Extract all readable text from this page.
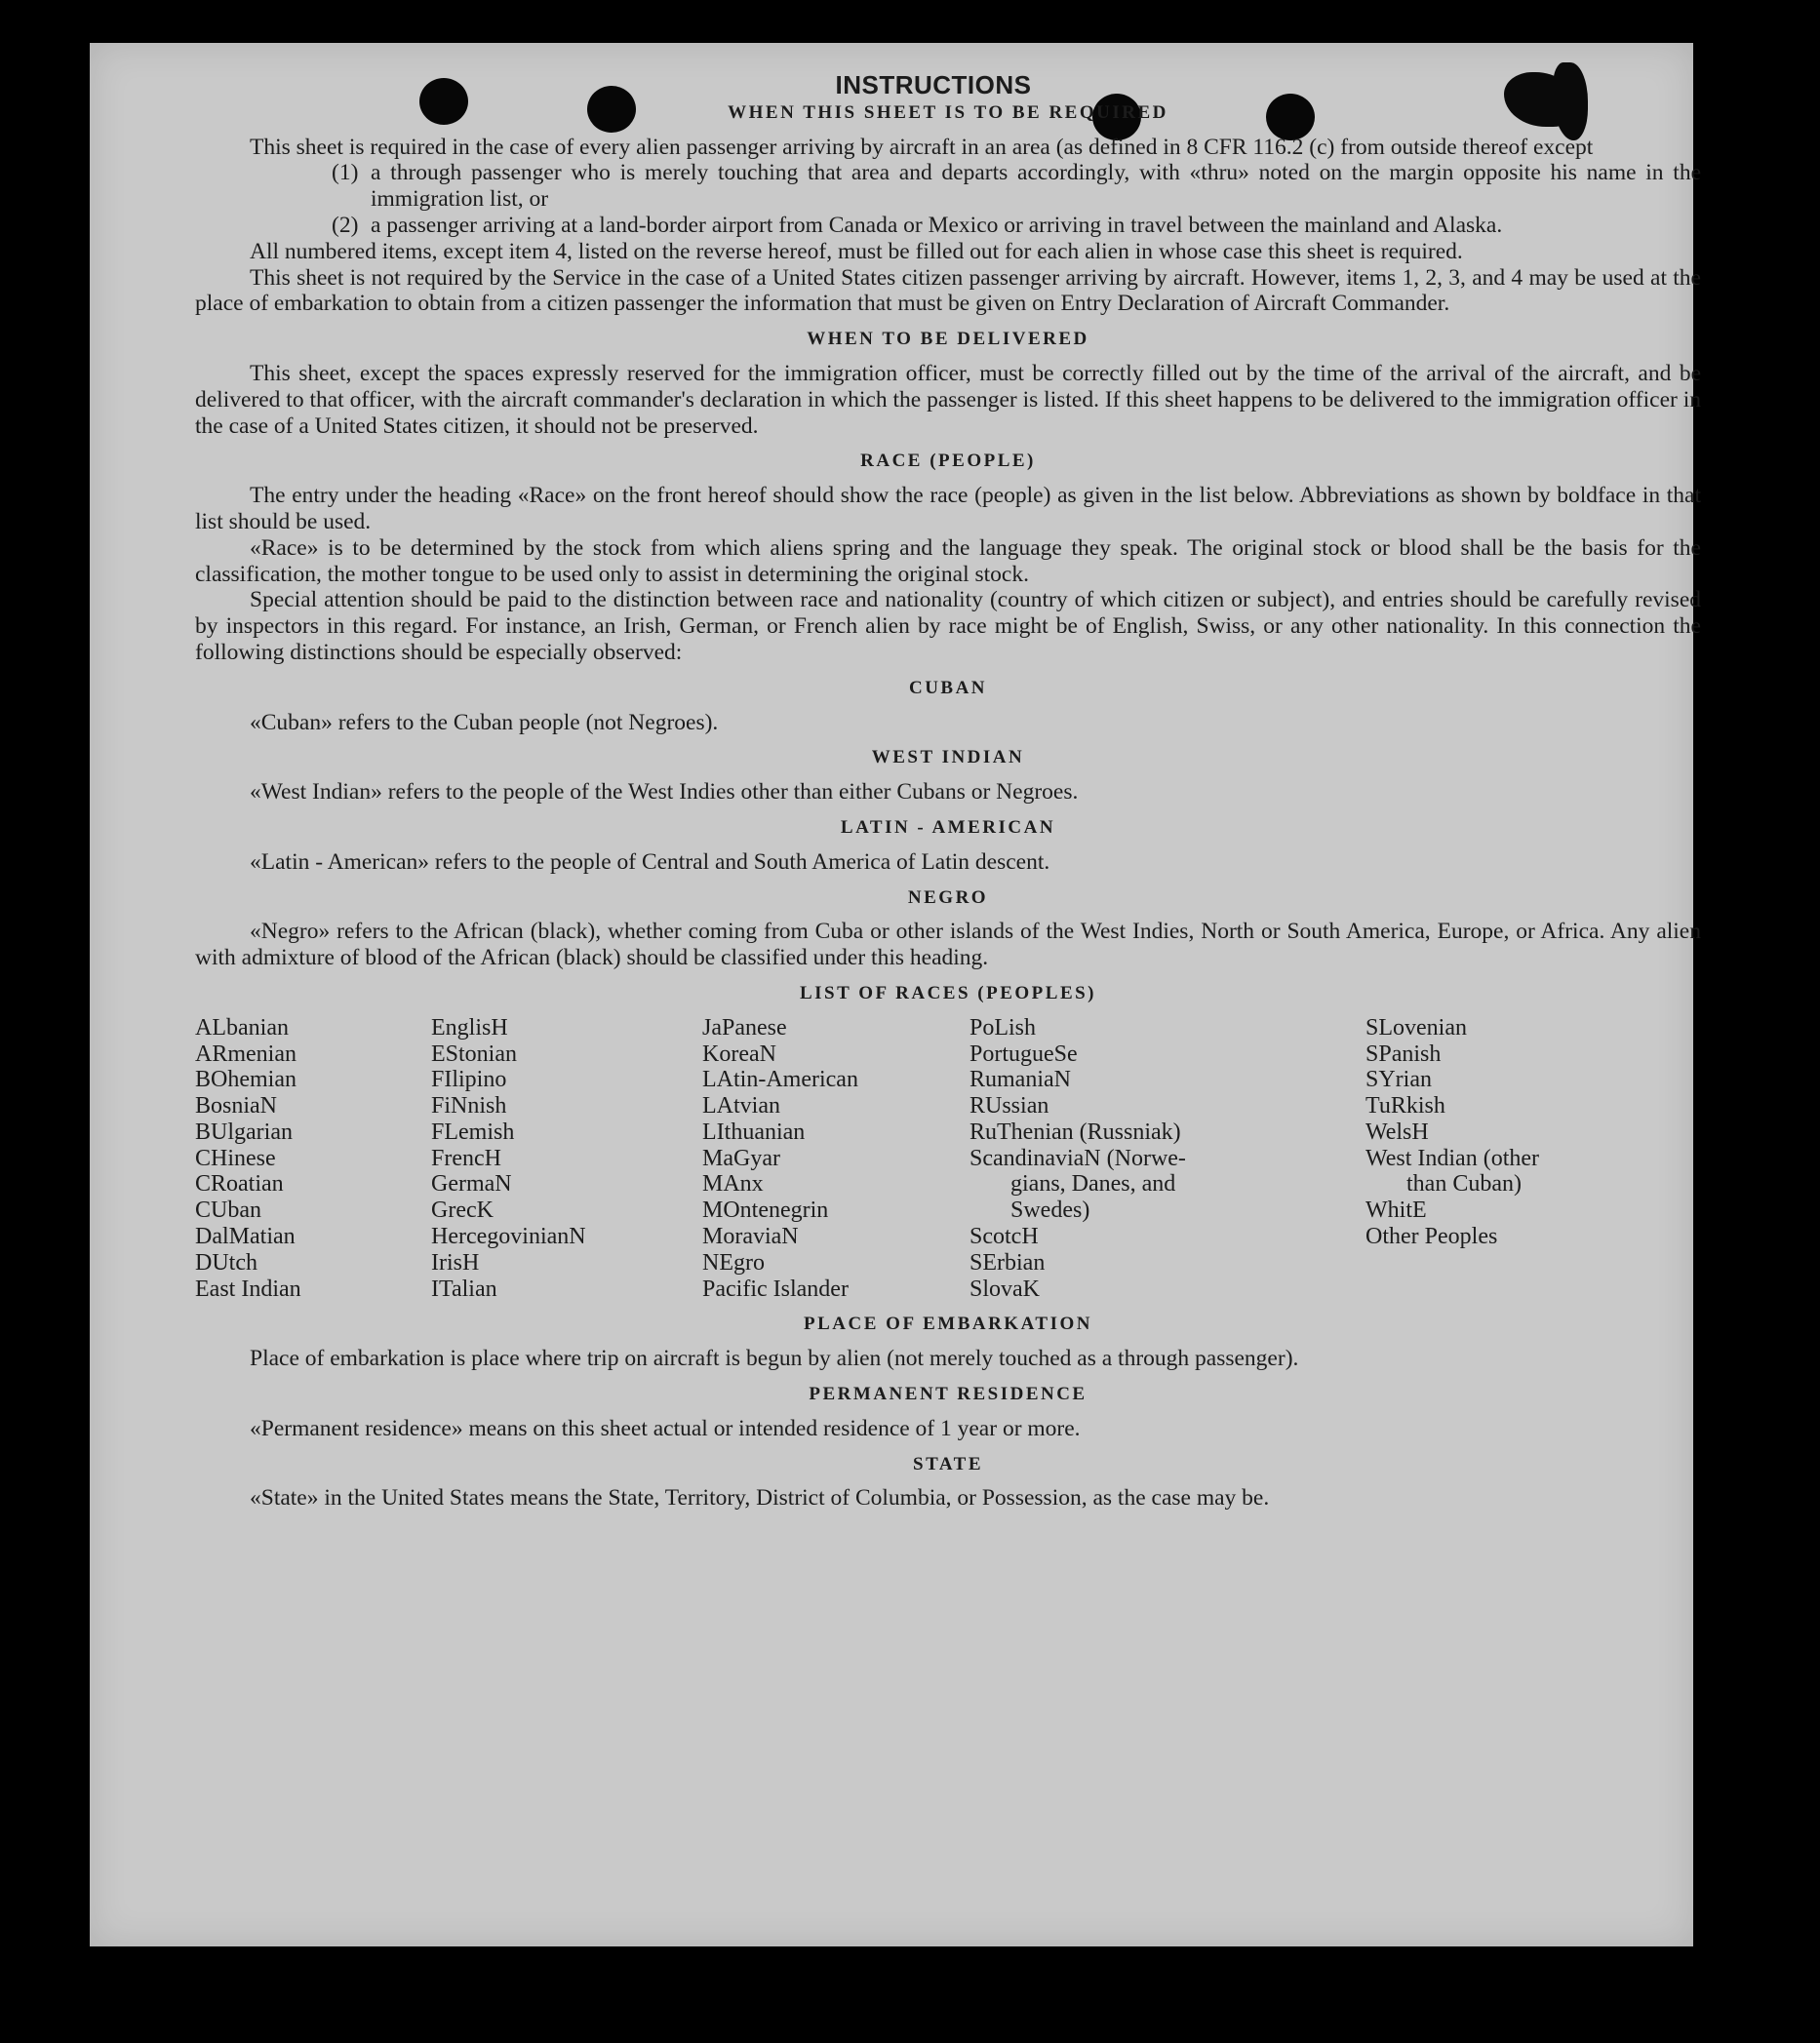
INSTRUCTIONS
WHEN THIS SHEET IS TO BE REQUIRED

This sheet is required in the case of every alien passenger arriving by aircraft in an area (as defined in 8 CFR 116.2 (c) from outside thereof except

(1) a through passenger who is merely touching that area and departs accordingly, with «thru» noted on the margin opposite his name in the immigration list, or
(2) a passenger arriving at a land-border airport from Canada or Mexico or arriving in travel between the mainland and Alaska.

All numbered items, except item 4, listed on the reverse hereof, must be filled out for each alien in whose case this sheet is required.

This sheet is not required by the Service in the case of a United States citizen passenger arriving by aircraft. However, items 1, 2, 3, and 4 may be used at the place of embarkation to obtain from a citizen passenger the information that must be given on Entry Declaration of Aircraft Commander.

WHEN TO BE DELIVERED

This sheet, except the spaces expressly reserved for the immigration officer, must be correctly filled out by the time of the arrival of the aircraft, and be delivered to that officer, with the aircraft commander's declaration in which the passenger is listed. If this sheet happens to be delivered to the immigration officer in the case of a United States citizen, it should not be preserved.

RACE (PEOPLE)

The entry under the heading «Race» on the front hereof should show the race (people) as given in the list below. Abbreviations as shown by boldface in that list should be used.

«Race» is to be determined by the stock from which aliens spring and the language they speak. The original stock or blood shall be the basis for the classification, the mother tongue to be used only to assist in determining the original stock.

Special attention should be paid to the distinction between race and nationality (country of which citizen or subject), and entries should be carefully revised by inspectors in this regard. For instance, an Irish, German, or French alien by race might be of English, Swiss, or any other nationality. In this connection the following distinctions should be especially observed:

CUBAN

«Cuban» refers to the Cuban people (not Negroes).

WEST INDIAN

«West Indian» refers to the people of the West Indies other than either Cubans or Negroes.

LATIN - AMERICAN

«Latin - American» refers to the people of Central and South America of Latin descent.

NEGRO

«Negro» refers to the African (black), whether coming from Cuba or other islands of the West Indies, North or South America, Europe, or Africa. Any alien with admixture of blood of the African (black) should be classified under this heading.

LIST OF RACES (PEOPLES)
ALbanian
ARmenian
BOhemian
BosniaN
BUlgarian
CHinese
CRoatian
CUban
DalMatian
DUtch
East Indian
EnglisH
EStonian
FIlipino
FiNnish
FLemish
FrencH
GermaN
GrecK
HercegovinianN
IrisH
ITalian
JaPanese
KoreaN
LAtin-American
LAtvian
LIthuanian
MaGyar
MAnx
MOntenegrin
MoraviaN
NEgro
Pacific Islander
PoLish
PortugueSe
RumaniaN
RUssian
RuThenian (Russniak)
ScandinaviaN (Norwe-
gians, Danes, and
Swedes)
ScotcH
SErbian
SlovaK
SLovenian
SPanish
SYrian
TuRkish
WelsH
West Indian (other
than Cuban)
WhitE
Other Peoples
PLACE OF EMBARKATION

Place of embarkation is place where trip on aircraft is begun by alien (not merely touched as a through passenger).

PERMANENT RESIDENCE

«Permanent residence» means on this sheet actual or intended residence of 1 year or more.

STATE

«State» in the United States means the State, Territory, District of Columbia, or Possession, as the case may be.
